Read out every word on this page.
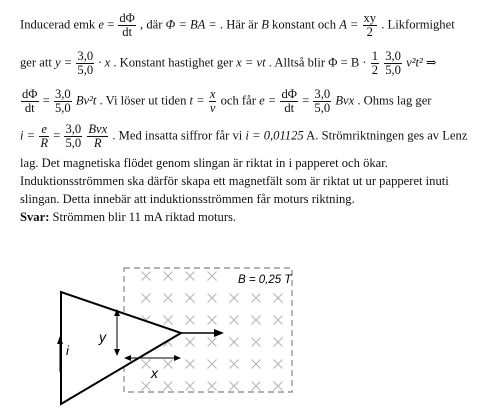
Inducerad emk $e = \frac{d\Phi}{dt}$ , där Φ = BA = . Här är B konstant och $A = \frac{xy}{2}$ . Likformighet
ger att $y = \frac{3,0}{5,0} \cdot x$ . Konstant hastighet ger x = vt . Alltså blir $\Phi = B \cdot \frac{1}{2}$
$\frac{3,0}{5,0} v^2t^2$ ⇒
$\frac{d\Phi}{dt} = \frac{3,0}{5,0} Bv^2t$ . Vi löser ut tiden $t = \frac{x}{v}$ och får $e = \frac{d\Phi}{dt} = \frac{3,0}{5,0}$ Bvx . Ohms lag ger
$i = \frac{e}{R} = \frac{3,0}{5,0}$
$\frac{\text{Bvx}}{R}$ . Med insatta siffror får vi i = 0,01125 A. Strömriktningen ges av Lenz
lag. Det magnetiska flödet genom slingan är riktat in i papperet och ökar.
Induktionsströmmen ska därför skapa ett magnetfält som är riktat ut ur papperet inuti
slingan. Detta innebär att induktionsströmmen får moturs riktning.
Svar: Strömmen blir 11 mA riktad moturs.
B = 0,25 T
y
x
i
